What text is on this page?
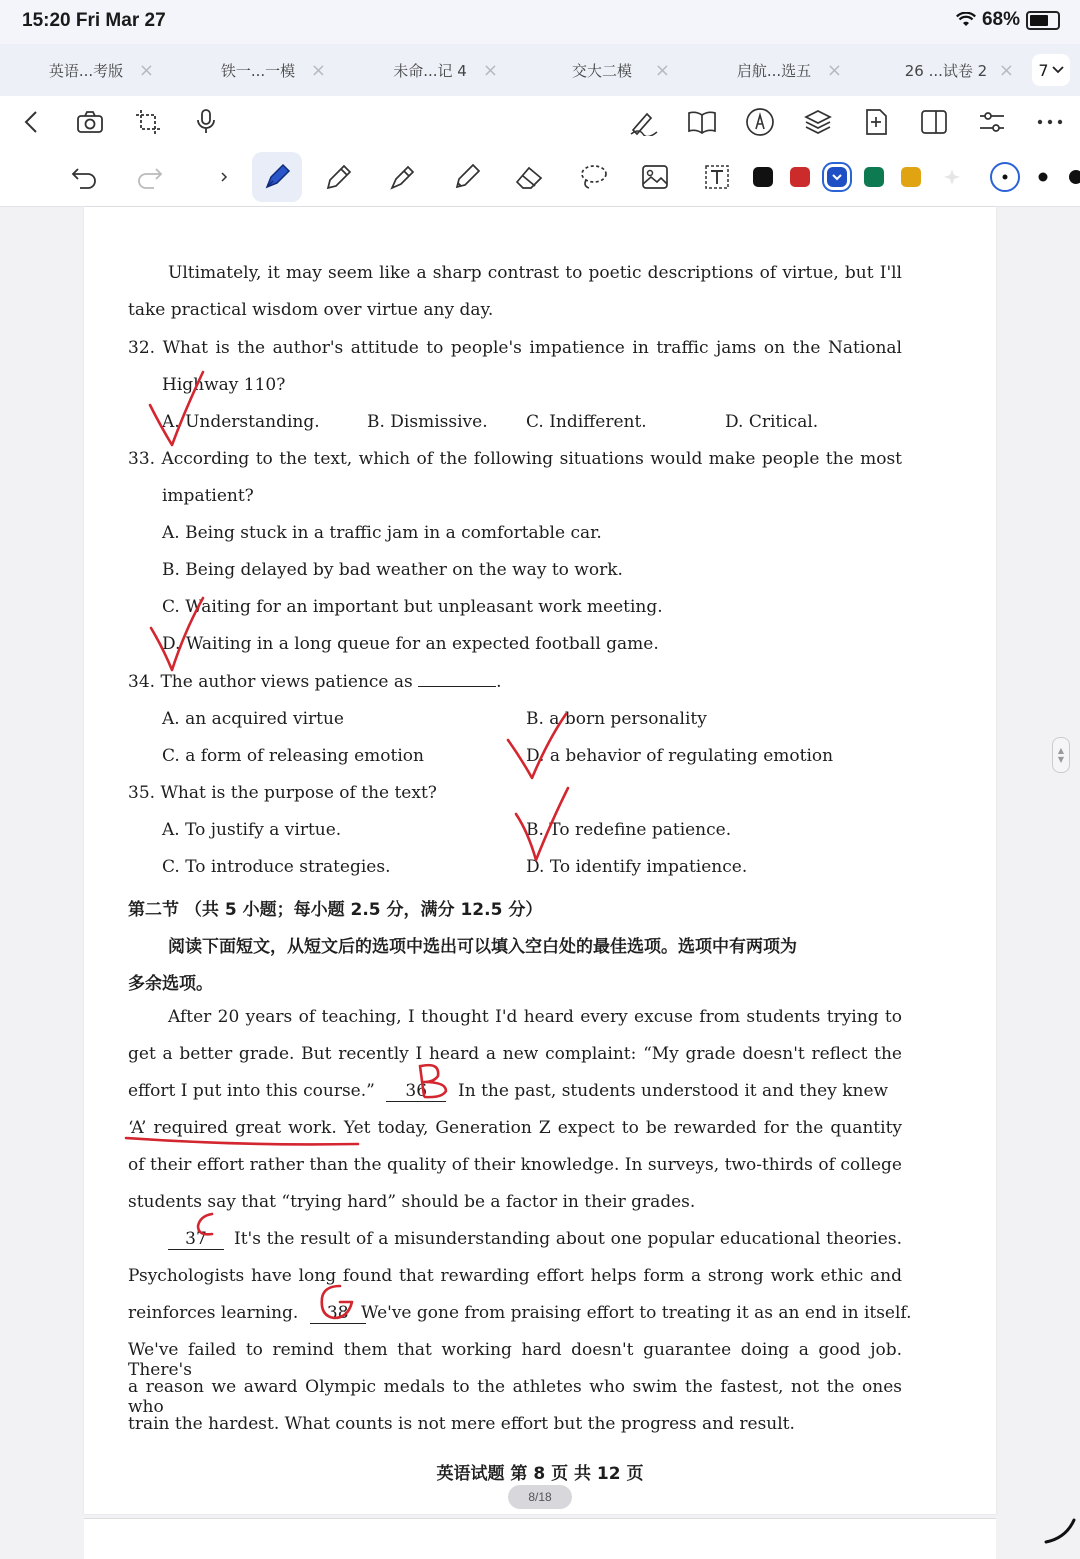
15:20 Fri Mar 27	68%
英语...考版 ×	铁一...一模 ×	未命...记 4 ×	交大二模 ×	启航...选五 ×	26 ...试卷 2 × 7
Ultimately, it may seem like a sharp contrast to poetic descriptions of virtue, but I'll
take practical wisdom over virtue any day.
32. What is the author's attitude to people's impatience in traffic jams on the National
Highway 110?
A. Understanding.	B. Dismissive. C. Indifferent.	D. Critical.
33. According to the text, which of the following situations would make people the most
impatient?
A. Being stuck in a traffic jam in a comfortable car.
B. Being delayed by bad weather on the way to work.
C. Waiting for an important but unpleasant work meeting.
D. Waiting in a long queue for an expected football game.
34. The author views patience as	.
A. an acquired virtue	B. a born personality
C. a form of releasing emotion	D. a behavior of regulating emotion
35. What is the purpose of the text?
A. To justify a virtue.	B. To redefine patience.
C. To introduce strategies.	D. To identify impatience.
第二节 （共 5 小题；每小题 2.5 分，满分 12.5 分）
阅读下面短文，从短文后的选项中选出可以填入空白处的最佳选项。选项中有两项为
多余选项。
After 20 years of teaching, I thought I'd heard every excuse from students trying to
get a better grade. But recently I heard a new complaint: “My grade doesn't reflect the
effort I put into this course.” 36	In the past, students understood it and they knew
‘A’ required great work. Yet today, Generation Z expect to be rewarded for the quantity
of their effort rather than the quality of their knowledge. In surveys, two-thirds of college
students say that “trying hard” should be a factor in their grades.
37	It's the result of a misunderstanding about one popular educational theories.
Psychologists have long found that rewarding effort helps form a strong work ethic and
reinforces learning. 38 We've gone from praising effort to treating it as an end in itself.
We've failed to remind them that working hard doesn't guarantee doing a good job. There's
a reason we award Olympic medals to the athletes who swim the fastest, not the ones who
train the hardest. What counts is not mere effort but the progress and result.
英语试题 第 8 页 共 12 页
8/18
▲
▼
